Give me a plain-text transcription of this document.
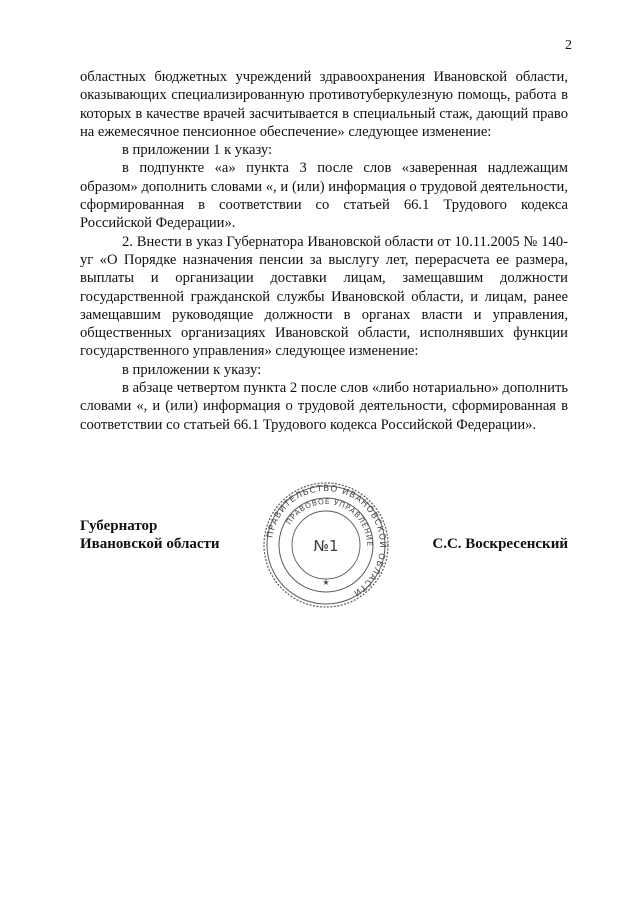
2

областных бюджетных учреждений здравоохранения Ивановской области, оказывающих специализированную противотуберкулезную помощь, работа в которых в качестве врачей засчитывается в специальный стаж, дающий право на ежемесячное пенсионное обеспечение» следующее изменение:

в приложении 1 к указу:

в подпункте «а» пункта 3 после слов «заверенная надлежащим образом» дополнить словами «, и (или) информация о трудовой деятельности, сформированная в соответствии со статьей 66.1 Трудового кодекса Российской Федерации».

2. Внести в указ Губернатора Ивановской области от 10.11.2005 № 140-уг «О Порядке назначения пенсии за выслугу лет, перерасчета ее размера, выплаты и организации доставки лицам, замещавшим должности государственной гражданской службы Ивановской области, и лицам, ранее замещавшим руководящие должности в органах власти и управления, общественных организациях Ивановской области, исполнявших функции государственного управления» следующее изменение:

в приложении к указу:

в абзаце четвертом пункта 2 после слов «либо нотариально» дополнить словами «, и (или) информация о трудовой деятельности, сформированная в соответствии со статьей 66.1 Трудового кодекса Российской Федерации».

Губернатор
Ивановской области	С.С. Воскресенский
ПРАВИТЕЛЬСТВО ИВАНОВСКОЙ ОБЛАСТИ
ПРАВОВОЕ УПРАВЛЕНИЕ
№1
★
